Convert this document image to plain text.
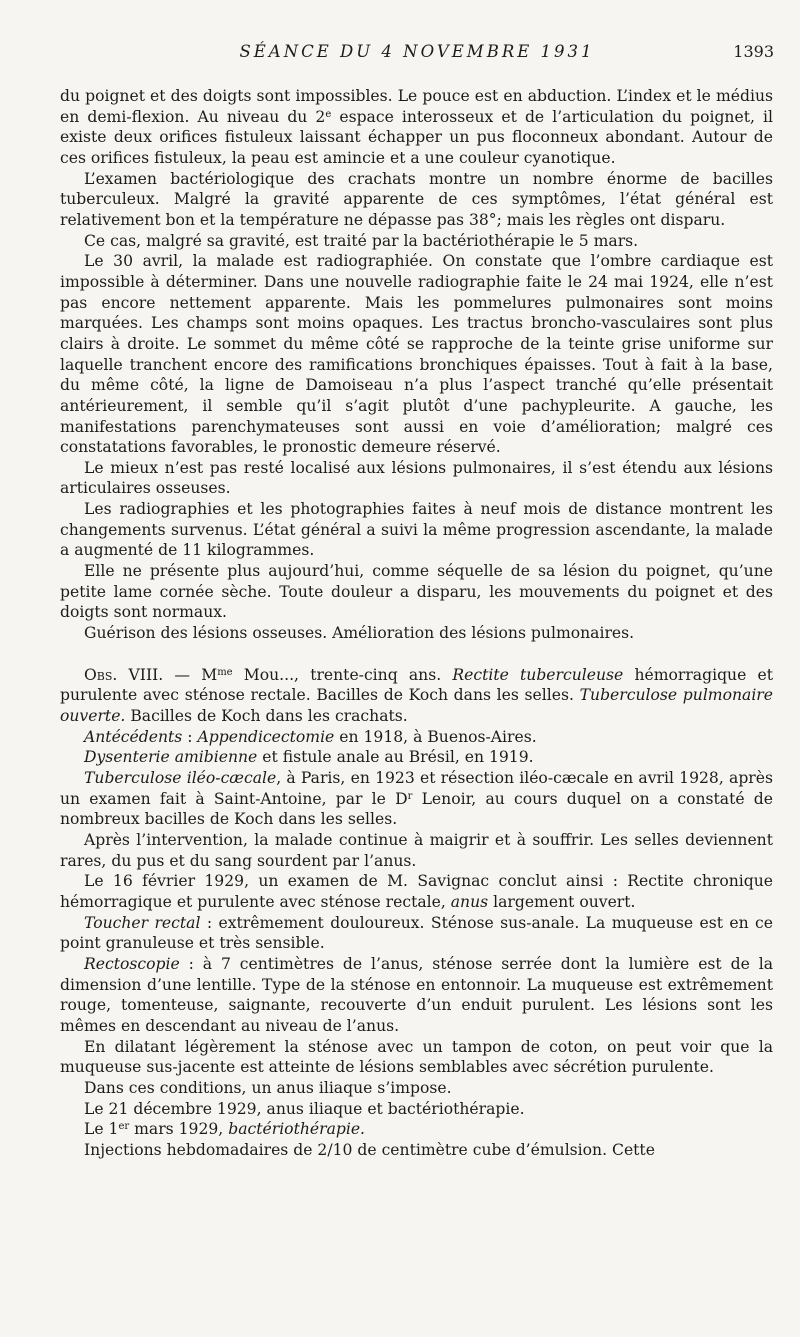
SÉANCE DU 4 NOVEMBRE 1931	1393

du poignet et des doigts sont impossibles. Le pouce est en abduction. L’index et le médius en demi-flexion. Au niveau du 2e espace interosseux et de l’articulation du poignet, il existe deux orifices fistuleux laissant échapper un pus floconneux abondant. Autour de ces orifices fistuleux, la peau est amincie et a une couleur cyanotique.

L’examen bactériologique des crachats montre un nombre énorme de bacilles tuberculeux. Malgré la gravité apparente de ces symptômes, l’état général est relativement bon et la température ne dépasse pas 38°; mais les règles ont disparu.

Ce cas, malgré sa gravité, est traité par la bactériothérapie le 5 mars.

Le 30 avril, la malade est radiographiée. On constate que l’ombre cardiaque est impossible à déterminer. Dans une nouvelle radiographie faite le 24 mai 1924, elle n’est pas encore nettement apparente. Mais les pommelures pulmonaires sont moins marquées. Les champs sont moins opaques. Les tractus broncho-vasculaires sont plus clairs à droite. Le sommet du même côté se rapproche de la teinte grise uniforme sur laquelle tranchent encore des ramifications bronchiques épaisses. Tout à fait à la base, du même côté, la ligne de Damoiseau n’a plus l’aspect tranché qu’elle présentait antérieurement, il semble qu’il s’agit plutôt d’une pachypleurite. A gauche, les manifestations parenchymateuses sont aussi en voie d’amélioration; malgré ces constatations favorables, le pronostic demeure réservé.

Le mieux n’est pas resté localisé aux lésions pulmonaires, il s’est étendu aux lésions articulaires osseuses.

Les radiographies et les photographies faites à neuf mois de distance montrent les changements survenus. L’état général a suivi la même progression ascendante, la malade a augmenté de 11 kilogrammes.

Elle ne présente plus aujourd’hui, comme séquelle de sa lésion du poignet, qu’une petite lame cornée sèche. Toute douleur a disparu, les mouvements du poignet et des doigts sont normaux.

Guérison des lésions osseuses. Amélioration des lésions pulmonaires.

Obs. VIII. — $M^{me}$ Mou..., trente-cinq ans. Rectite tuberculeuse hémorragique et purulente avec sténose rectale. Bacilles de Koch dans les selles. Tuberculose pulmonaire ouverte. Bacilles de Koch dans les crachats.

Antécédents : Appendicectomie en 1918, à Buenos-Aires.

Dysenterie amibienne et fistule anale au Brésil, en 1919.

Tuberculose iléo-cæcale, à Paris, en 1923 et résection iléo-cæcale en avril 1928, après un examen fait à Saint-Antoine, par le $D^r$ Lenoir, au cours duquel on a constaté de nombreux bacilles de Koch dans les selles.

Après l’intervention, la malade continue à maigrir et à souffrir. Les selles deviennent rares, du pus et du sang sourdent par l’anus.

Le 16 février 1929, un examen de M. Savignac conclut ainsi : Rectite chronique hémorragique et purulente avec sténose rectale, anus largement ouvert.

Toucher rectal : extrêmement douloureux. Sténose sus-anale. La muqueuse est en ce point granuleuse et très sensible.

Rectoscopie : à 7 centimètres de l’anus, sténose serrée dont la lumière est de la dimension d’une lentille. Type de la sténose en entonnoir. La muqueuse est extrêmement rouge, tomenteuse, saignante, recouverte d’un enduit purulent. Les lésions sont les mêmes en descendant au niveau de l’anus.

En dilatant légèrement la sténose avec un tampon de coton, on peut voir que la muqueuse sus-jacente est atteinte de lésions semblables avec sécrétion purulente.

Dans ces conditions, un anus iliaque s’impose.

Le 21 décembre 1929, anus iliaque et bactériothérapie.

Le 1er mars 1929, bactériothérapie.

Injections hebdomadaires de 2/10 de centimètre cube d’émulsion. Cette
